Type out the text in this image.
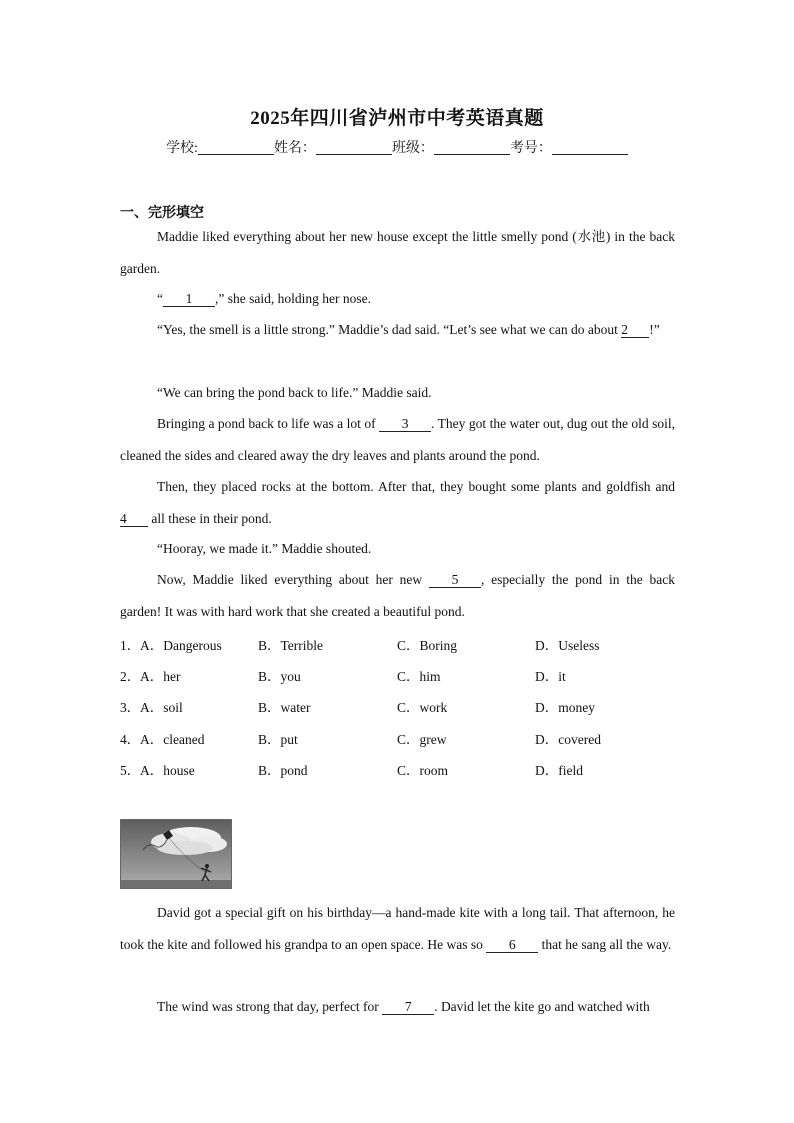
2025年四川省泸州市中考英语真题
学校:	姓名：	班级：	考号：
一、完形填空

Maddie liked everything about her new house except the little smelly pond (水池) in the back garden.

“ 1 ,” she said, holding her nose.

“Yes, the smell is a little strong.” Maddie’s dad said. “Let’s see what we can do about 2 !”

“We can bring the pond back to life.” Maddie said.

Bringing a pond back to life was a lot of 3 . They got the water out, dug out the old soil, cleaned the sides and cleared away the dry leaves and plants around the pond.

Then, they placed rocks at the bottom. After that, they bought some plants and goldfish and 4 all these in their pond.

“Hooray, we made it.” Maddie shouted.

Now, Maddie liked everything about her new 5 , especially the pond in the back garden! It was with hard work that she created a beautiful pond.

1． A．Dangerous	B．Terrible	C．Boring	D．Useless
2． A．her	B．you	C．him	D．it
3． A．soil	B．water	C．work	D．money
4． A．cleaned	B．put	C．grew	D．covered
5． A．house	B．pond	C．room	D．field

David got a special gift on his birthday—a hand-made kite with a long tail. That afternoon, he took the kite and followed his grandpa to an open space. He was so 6 that he sang all the way.

The wind was strong that day, perfect for 7 . David let the kite go and watched with
